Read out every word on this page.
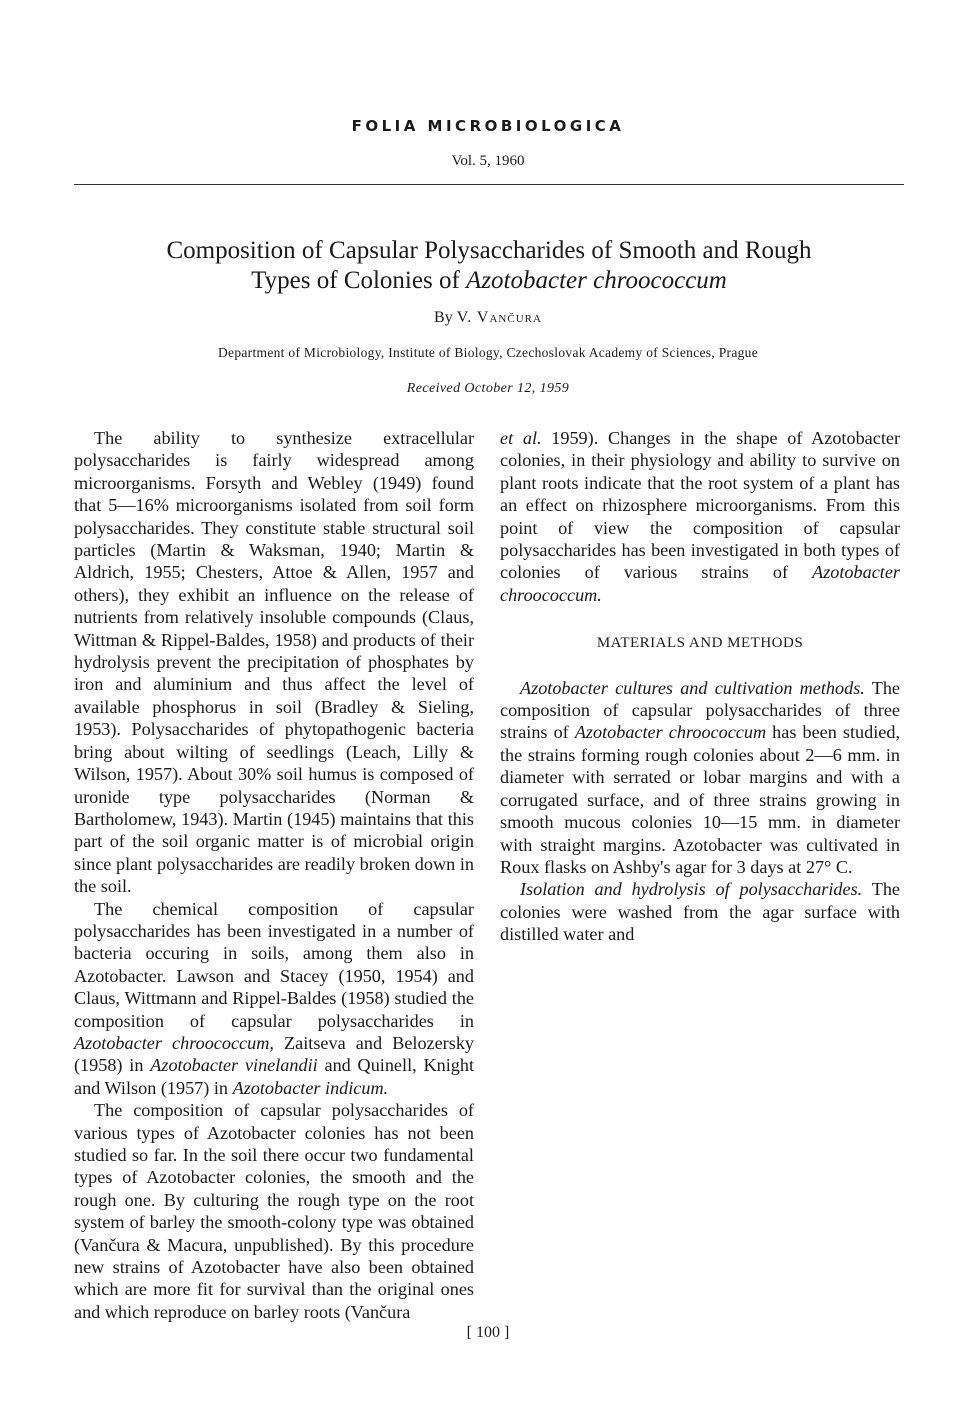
FOLIA MICROBIOLOGICA
Vol. 5, 1960
Composition of Capsular Polysaccharides of Smooth and Rough
Types of Colonies of Azotobacter chroococcum
By V. Vančura
Department of Microbiology, Institute of Biology, Czechoslovak Academy of Sciences, Prague
Received October 12, 1959

The ability to synthesize extracellular polysaccharides is fairly widespread among microorganisms. Forsyth and Webley (1949) found that 5—16% microorganisms isolated from soil form polysaccharides. They constitute stable structural soil particles (Martin & Waksman, 1940; Martin & Aldrich, 1955; Chesters, Attoe & Allen, 1957 and others), they exhibit an influence on the release of nutrients from relatively insoluble compounds (Claus, Wittman & Rippel-Baldes, 1958) and products of their hydrolysis prevent the precipitation of phosphates by iron and aluminium and thus affect the level of available phosphorus in soil (Bradley & Sieling, 1953). Polysaccharides of phytopathogenic bacteria bring about wilting of seedlings (Leach, Lilly & Wilson, 1957). About 30% soil humus is composed of uronide type polysaccharides (Norman & Bartholomew, 1943). Martin (1945) maintains that this part of the soil organic matter is of microbial origin since plant polysaccharides are readily broken down in the soil.

The chemical composition of capsular polysaccharides has been investigated in a number of bacteria occuring in soils, among them also in Azotobacter. Lawson and Stacey (1950, 1954) and Claus, Wittmann and Rippel-Baldes (1958) studied the composition of capsular polysaccharides in Azotobacter chroococcum, Zaitseva and Belozersky (1958) in Azotobacter vinelandii and Quinell, Knight and Wilson (1957) in Azotobacter indicum.

The composition of capsular polysaccharides of various types of Azotobacter colonies has not been studied so far. In the soil there occur two fundamental types of Azotobacter colonies, the smooth and the rough one. By culturing the rough type on the root system of barley the smooth-colony type was obtained (Vančura & Macura, unpublished). By this procedure new strains of Azotobacter have also been obtained which are more fit for survival than the original ones and which reproduce on barley roots (Vančura

et al. 1959). Changes in the shape of Azotobacter colonies, in their physiology and ability to survive on plant roots indicate that the root system of a plant has an effect on rhizosphere microorganisms. From this point of view the composition of capsular polysaccharides has been investigated in both types of colonies of various strains of Azotobacter chroococcum.

MATERIALS AND METHODS

Azotobacter cultures and cultivation methods. The composition of capsular polysaccharides of three strains of Azotobacter chroococcum has been studied, the strains forming rough colonies about 2—6 mm. in diameter with serrated or lobar margins and with a corrugated surface, and of three strains growing in smooth mucous colonies 10—15 mm. in diameter with straight margins. Azotobacter was cultivated in Roux flasks on Ashby's agar for 3 days at 27° C.

Isolation and hydrolysis of polysaccharides. The colonies were washed from the agar surface with distilled water and

[ 100 ]
